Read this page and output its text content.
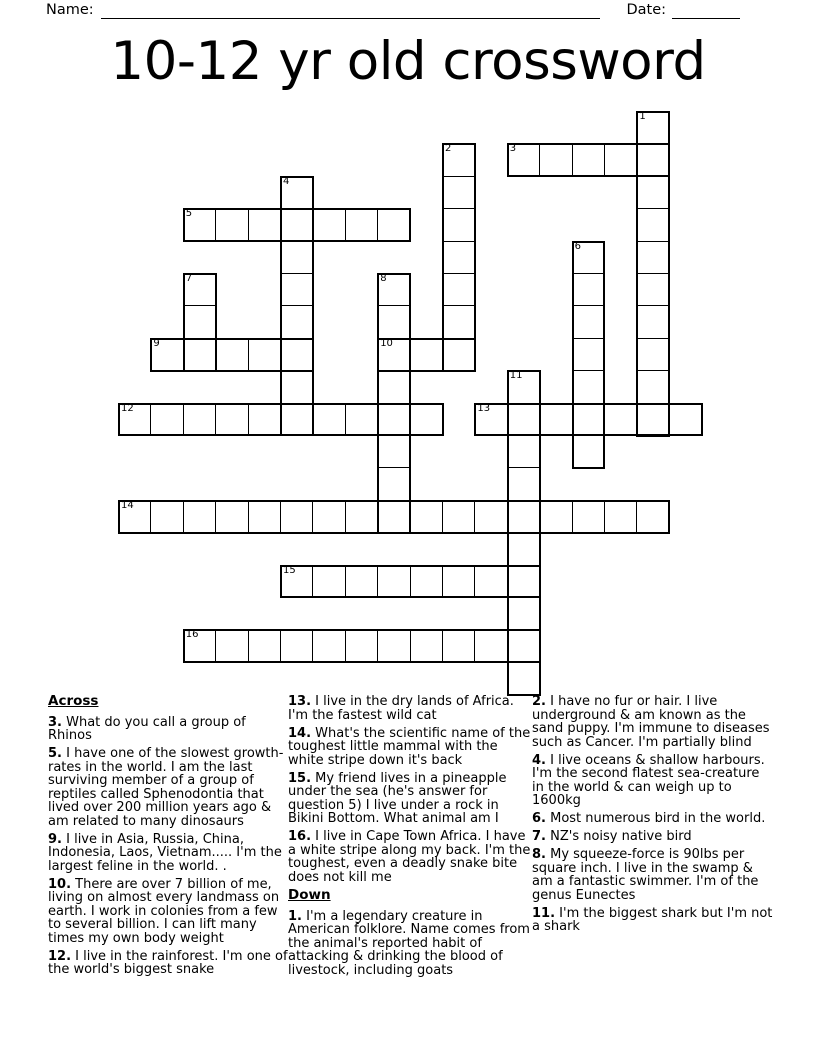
Name:	Date:
10-12 yr old crossword
1
2	3
4
5
6
7	8
10
9
11
12	13
14
15
16
Across

3. What do you call a group of Rhinos

5. I have one of the slowest growth-rates in the world. I am the last surviving member of a group of reptiles called Sphenodontia that lived over 200 million years ago & am related to many dinosaurs

9. I live in Asia, Russia, China, Indonesia, Laos, Vietnam..... I'm the largest feline in the world. .

10. There are over 7 billion of me, living on almost every landmass on earth. I work in colonies from a few to several billion. I can lift many times my own body weight

12. I live in the rainforest. I'm one of the world's biggest snake

13. I live in the dry lands of Africa. I'm the fastest wild cat

14. What's the scientific name of the toughest little mammal with the white stripe down it's back

15. My friend lives in a pineapple under the sea (he's answer for question 5) I live under a rock in Bikini Bottom. What animal am I

16. I live in Cape Town Africa. I have a white stripe along my back. I'm the toughest, even a deadly snake bite does not kill me

Down

1. I'm a legendary creature in American folklore. Name comes from the animal's reported habit of attacking & drinking the blood of livestock, including goats

2. I have no fur or hair. I live underground & am known as the sand puppy. I'm immune to diseases such as Cancer. I'm partially blind

4. I live oceans & shallow harbours. I'm the second flatest sea-creature in the world & can weigh up to 1600kg

6. Most numerous bird in the world.

7. NZ's noisy native bird

8. My squeeze-force is 90lbs per square inch. I live in the swamp & am a fantastic swimmer. I'm of the genus Eunectes

11. I'm the biggest shark but I'm not a shark
